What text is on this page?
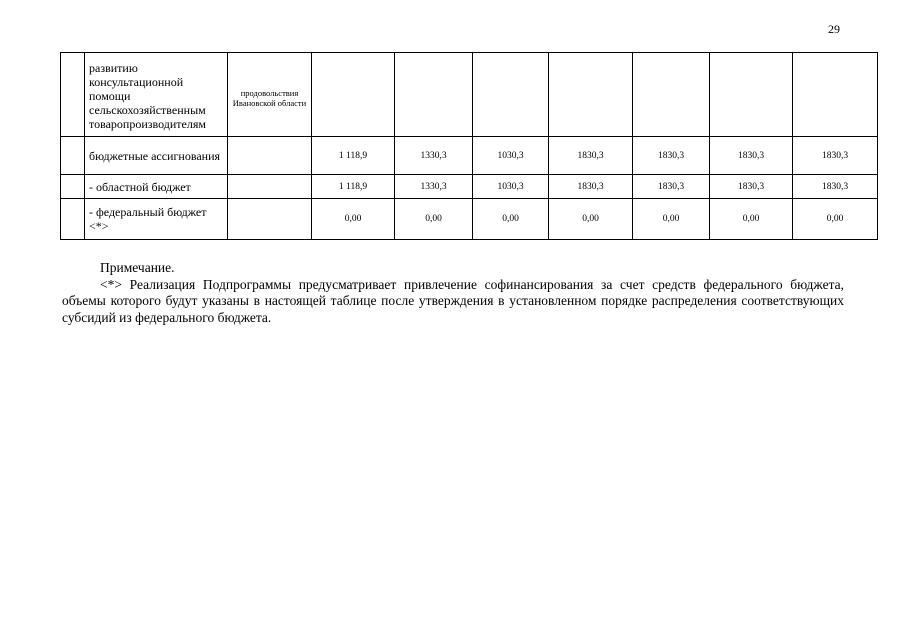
29
	развитию консультационной помощи сельскохозяйственным товаропроизводителям	продовольствия Ивановской области							
	бюджетные ассигнования		1 118,9	1330,3	1030,3	1830,3	1830,3	1830,3	1830,3
	- областной бюджет		1 118,9	1330,3	1030,3	1830,3	1830,3	1830,3	1830,3
	- федеральный бюджет <*>		0,00	0,00	0,00	0,00	0,00	0,00	0,00
Примечание.
<*> Реализация Подпрограммы предусматривает привлечение софинансирования за счет средств федерального бюджета, объемы которого будут указаны в настоящей таблице после утверждения в установленном порядке распределения соответствующих субсидий из федерального бюджета.
